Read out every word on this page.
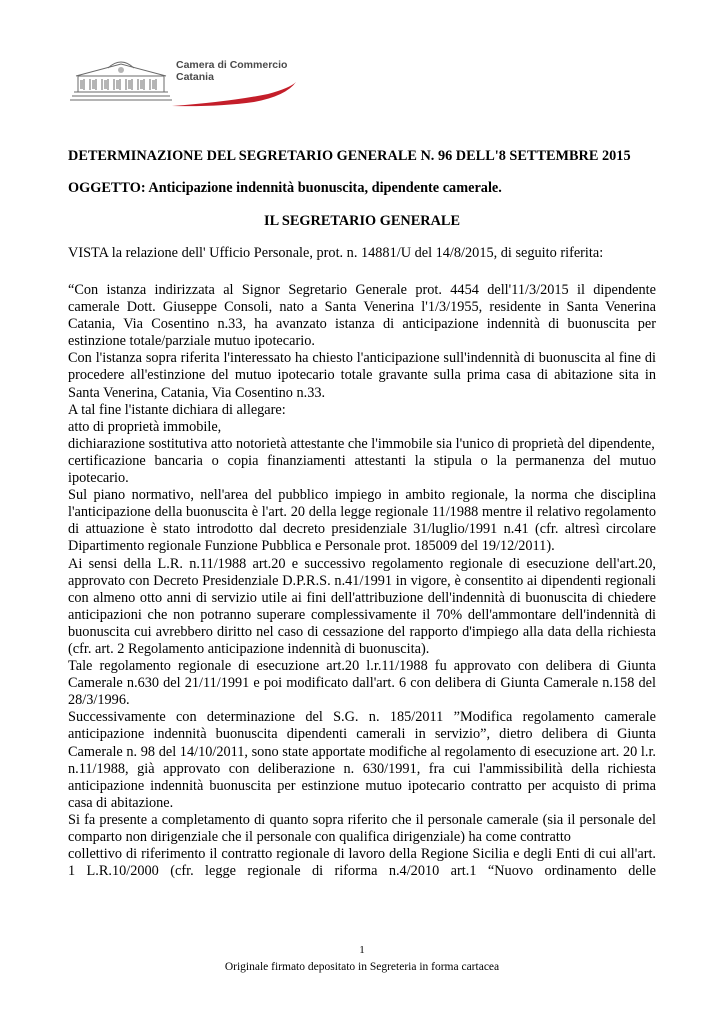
Camera di Commercio
Catania
DETERMINAZIONE DEL SEGRETARIO GENERALE N. 96 DELL'8 SETTEMBRE 2015
OGGETTO: Anticipazione indennità buonuscita, dipendente camerale.
IL SEGRETARIO GENERALE
VISTA la relazione dell' Ufficio Personale, prot. n. 14881/U del 14/8/2015, di seguito riferita:

“Con istanza indirizzata al Signor Segretario Generale prot. 4454 dell'11/3/2015 il dipendente camerale Dott. Giuseppe Consoli, nato a Santa Venerina l'1/3/1955, residente in Santa Venerina Catania, Via Cosentino n.33, ha avanzato istanza di anticipazione indennità di buonuscita per estinzione totale/parziale mutuo ipotecario.

Con l'istanza sopra riferita l'interessato ha chiesto l'anticipazione sull'indennità di buonuscita al fine di procedere all'estinzione del mutuo ipotecario totale gravante sulla prima casa di abitazione sita in Santa Venerina, Catania, Via Cosentino n.33.

A tal fine l'istante dichiara di allegare:

atto di proprietà immobile,

dichiarazione sostitutiva atto notorietà attestante che l'immobile sia l'unico di proprietà del dipendente,

certificazione bancaria o copia finanziamenti attestanti la stipula o la permanenza del mutuo ipotecario.

Sul piano normativo, nell'area del pubblico impiego in ambito regionale, la norma che disciplina l'anticipazione della buonuscita è l'art. 20 della legge regionale 11/1988 mentre il relativo regolamento di attuazione è stato introdotto dal decreto presidenziale 31/luglio/1991 n.41 (cfr. altresì circolare Dipartimento regionale Funzione Pubblica e Personale prot. 185009 del 19/12/2011).

Ai sensi della L.R. n.11/1988 art.20 e successivo regolamento regionale di esecuzione dell'art.20, approvato con Decreto Presidenziale D.P.R.S. n.41/1991 in vigore, è consentito ai dipendenti regionali con almeno otto anni di servizio utile ai fini dell'attribuzione dell'indennità di buonuscita di chiedere anticipazioni che non potranno superare complessivamente il 70% dell'ammontare dell'indennità di buonuscita cui avrebbero diritto nel caso di cessazione del rapporto d'impiego alla data della richiesta (cfr. art. 2 Regolamento anticipazione indennità di buonuscita).

Tale regolamento regionale di esecuzione art.20 l.r.11/1988 fu approvato con delibera di Giunta Camerale n.630 del 21/11/1991 e poi modificato dall'art. 6 con delibera di Giunta Camerale n.158 del 28/3/1996.

Successivamente con determinazione del S.G. n. 185/2011 ”Modifica regolamento camerale anticipazione indennità buonuscita dipendenti camerali in servizio”, dietro delibera di Giunta Camerale n. 98 del 14/10/2011, sono state apportate modifiche al regolamento di esecuzione art. 20 l.r. n.11/1988, già approvato con deliberazione n. 630/1991, fra cui l'ammissibilità della richiesta anticipazione indennità buonuscita per estinzione mutuo ipotecario contratto per acquisto di prima casa di abitazione.

Si fa presente a completamento di quanto sopra riferito che il personale camerale (sia il personale del comparto non dirigenziale che il personale con qualifica dirigenziale) ha come contratto

collettivo di riferimento il contratto regionale di lavoro della Regione Sicilia e degli Enti di cui all'art. 1 L.R.10/2000 (cfr. legge regionale di riforma n.4/2010 art.1 “Nuovo ordinamento delle

1
Originale firmato depositato in Segreteria in forma cartacea
